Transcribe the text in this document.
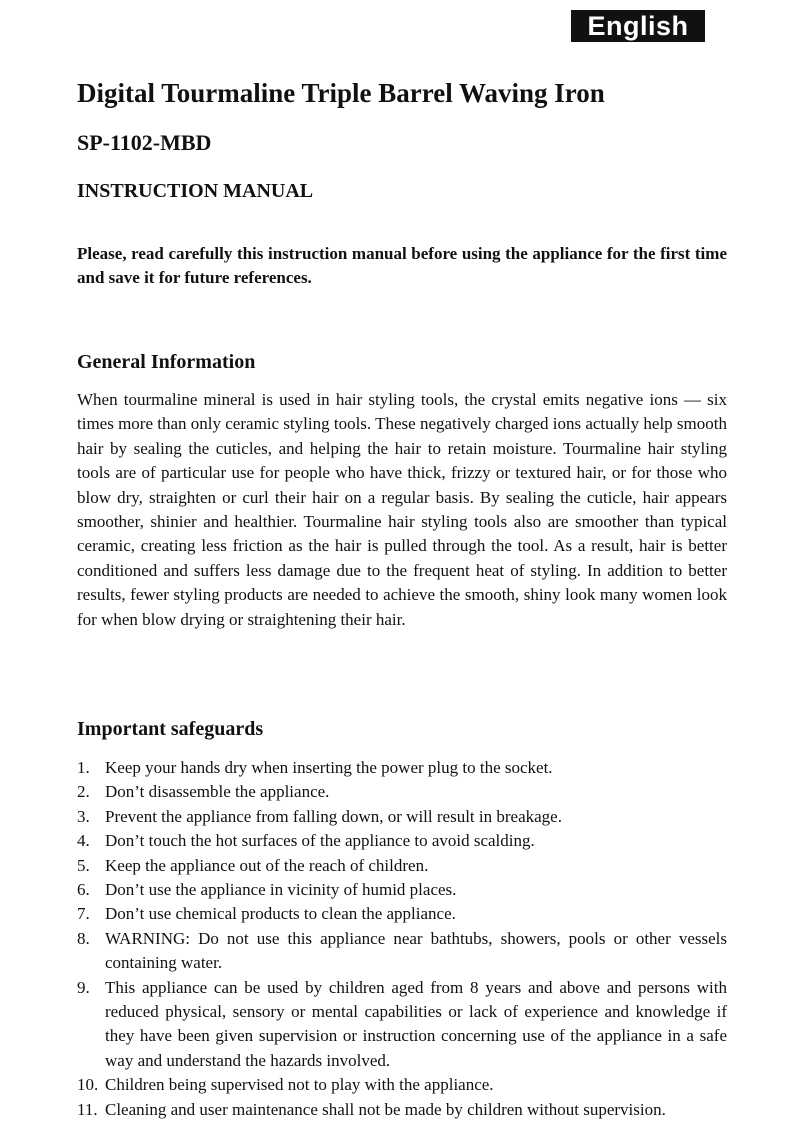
English
Digital Tourmaline Triple Barrel Waving Iron

SP-1102-MBD

INSTRUCTION MANUAL

Please, read carefully this instruction manual before using the appliance for the first time and save it for future references.

General Information

When tourmaline mineral is used in hair styling tools, the crystal emits negative ions — six times more than only ceramic styling tools. These negatively charged ions actually help smooth hair by sealing the cuticles, and helping the hair to retain moisture. Tourmaline hair styling tools are of particular use for people who have thick, frizzy or textured hair, or for those who blow dry, straighten or curl their hair on a regular basis. By sealing the cuticle, hair appears smoother, shinier and healthier. Tourmaline hair styling tools also are smoother than typical ceramic, creating less friction as the hair is pulled through the tool. As a result, hair is better conditioned and suffers less damage due to the frequent heat of styling. In addition to better results, fewer styling products are needed to achieve the smooth, shiny look many women look for when blow drying or straightening their hair.

Important safeguards
1. Keep your hands dry when inserting the power plug to the socket.
2. Don’t disassemble the appliance.
3. Prevent the appliance from falling down, or will result in breakage.
4. Don’t touch the hot surfaces of the appliance to avoid scalding.
5. Keep the appliance out of the reach of children.
6. Don’t use the appliance in vicinity of humid places.
7. Don’t use chemical products to clean the appliance.
8. WARNING: Do not use this appliance near bathtubs, showers, pools or other vessels containing water.
9. This appliance can be used by children aged from 8 years and above and persons with reduced physical, sensory or mental capabilities or lack of experience and knowledge if they have been given supervision or instruction concerning use of the appliance in a safe way and understand the hazards involved.
10. Children being supervised not to play with the appliance.
11. Cleaning and user maintenance shall not be made by children without supervision.
